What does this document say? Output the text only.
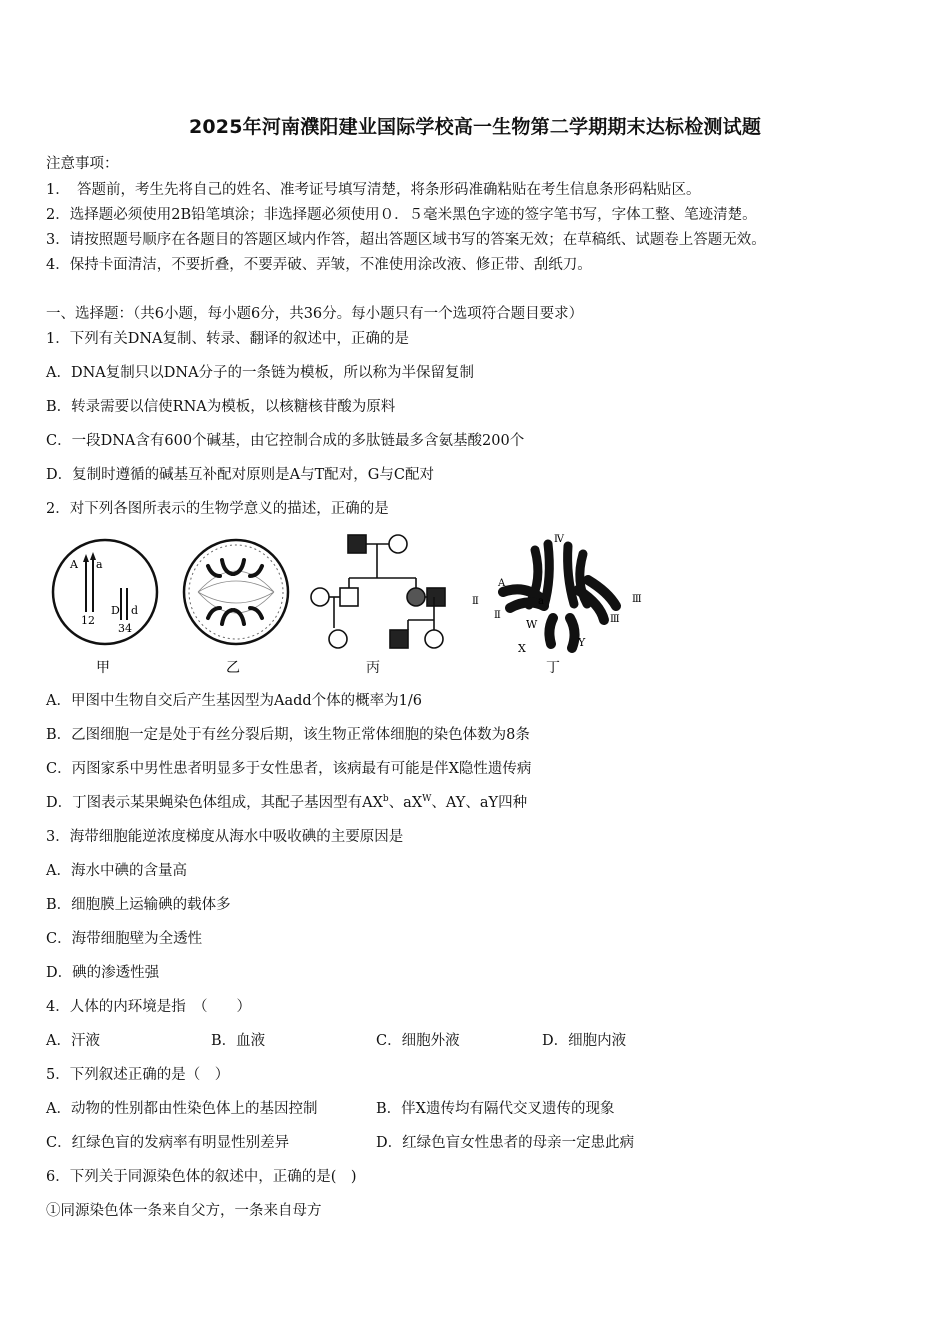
2025年河南濮阳建业国际学校高一生物第二学期期末达标检测试题
注意事项：
1．　答题前，考生先将自己的姓名、准考证号填写清楚，将条形码准确粘贴在考生信息条形码粘贴区。
2．选择题必须使用2B铅笔填涂；非选择题必须使用０．５毫米黑色字迹的签字笔书写，字体工整、笔迹清楚。
3．请按照题号顺序在各题目的答题区域内作答，超出答题区域书写的答案无效；在草稿纸、试题卷上答题无效。
4．保持卡面清洁，不要折叠，不要弄破、弄皱，不准使用涂改液、修正带、刮纸刀。
一、选择题：（共6小题，每小题6分，共36分。每小题只有一个选项符合题目要求）
1．下列有关DNA复制、转录、翻译的叙述中，正确的是
A．DNA复制只以DNA分子的一条链为模板，所以称为半保留复制
B．转录需要以信使RNA为模板，以核糖核苷酸为原料
C．一段DNA含有600个碱基，由它控制合成的多肽链最多含氨基酸200个
D．复制时遵循的碱基互补配对原则是A与T配对，G与C配对
2．对下列各图所表示的生物学意义的描述，正确的是
A a
12
D d
34
甲	乙	丙
Ⅳ
A
a
Ⅱ
Ⅱ
Ⅲ
Ⅲ
W
X	Y
丁
A．甲图中生物自交后产生基因型为Aadd个体的概率为1/6
B．乙图细胞一定是处于有丝分裂后期，该生物正常体细胞的染色体数为8条
C．丙图家系中男性患者明显多于女性患者，该病最有可能是伴X隐性遗传病
D．丁图表示某果蝇染色体组成，其配子基因型有$AX^b$、$aX^W$、AY、aY四种
3．海带细胞能逆浓度梯度从海水中吸收碘的主要原因是
A．海水中碘的含量高
B．细胞膜上运输碘的载体多
C．海带细胞壁为全透性
D．碘的渗透性强
4．人体的内环境是指　（　　）
A．汗液	B．血液	C．细胞外液	D．细胞内液
5．下列叙述正确的是（　）
A．动物的性别都由性染色体上的基因控制	B．伴X遗传均有隔代交叉遗传的现象
C．红绿色盲的发病率有明显性别差异	D．红绿色盲女性患者的母亲一定患此病
6．下列关于同源染色体的叙述中，正确的是(　)
①同源染色体一条来自父方，一条来自母方
